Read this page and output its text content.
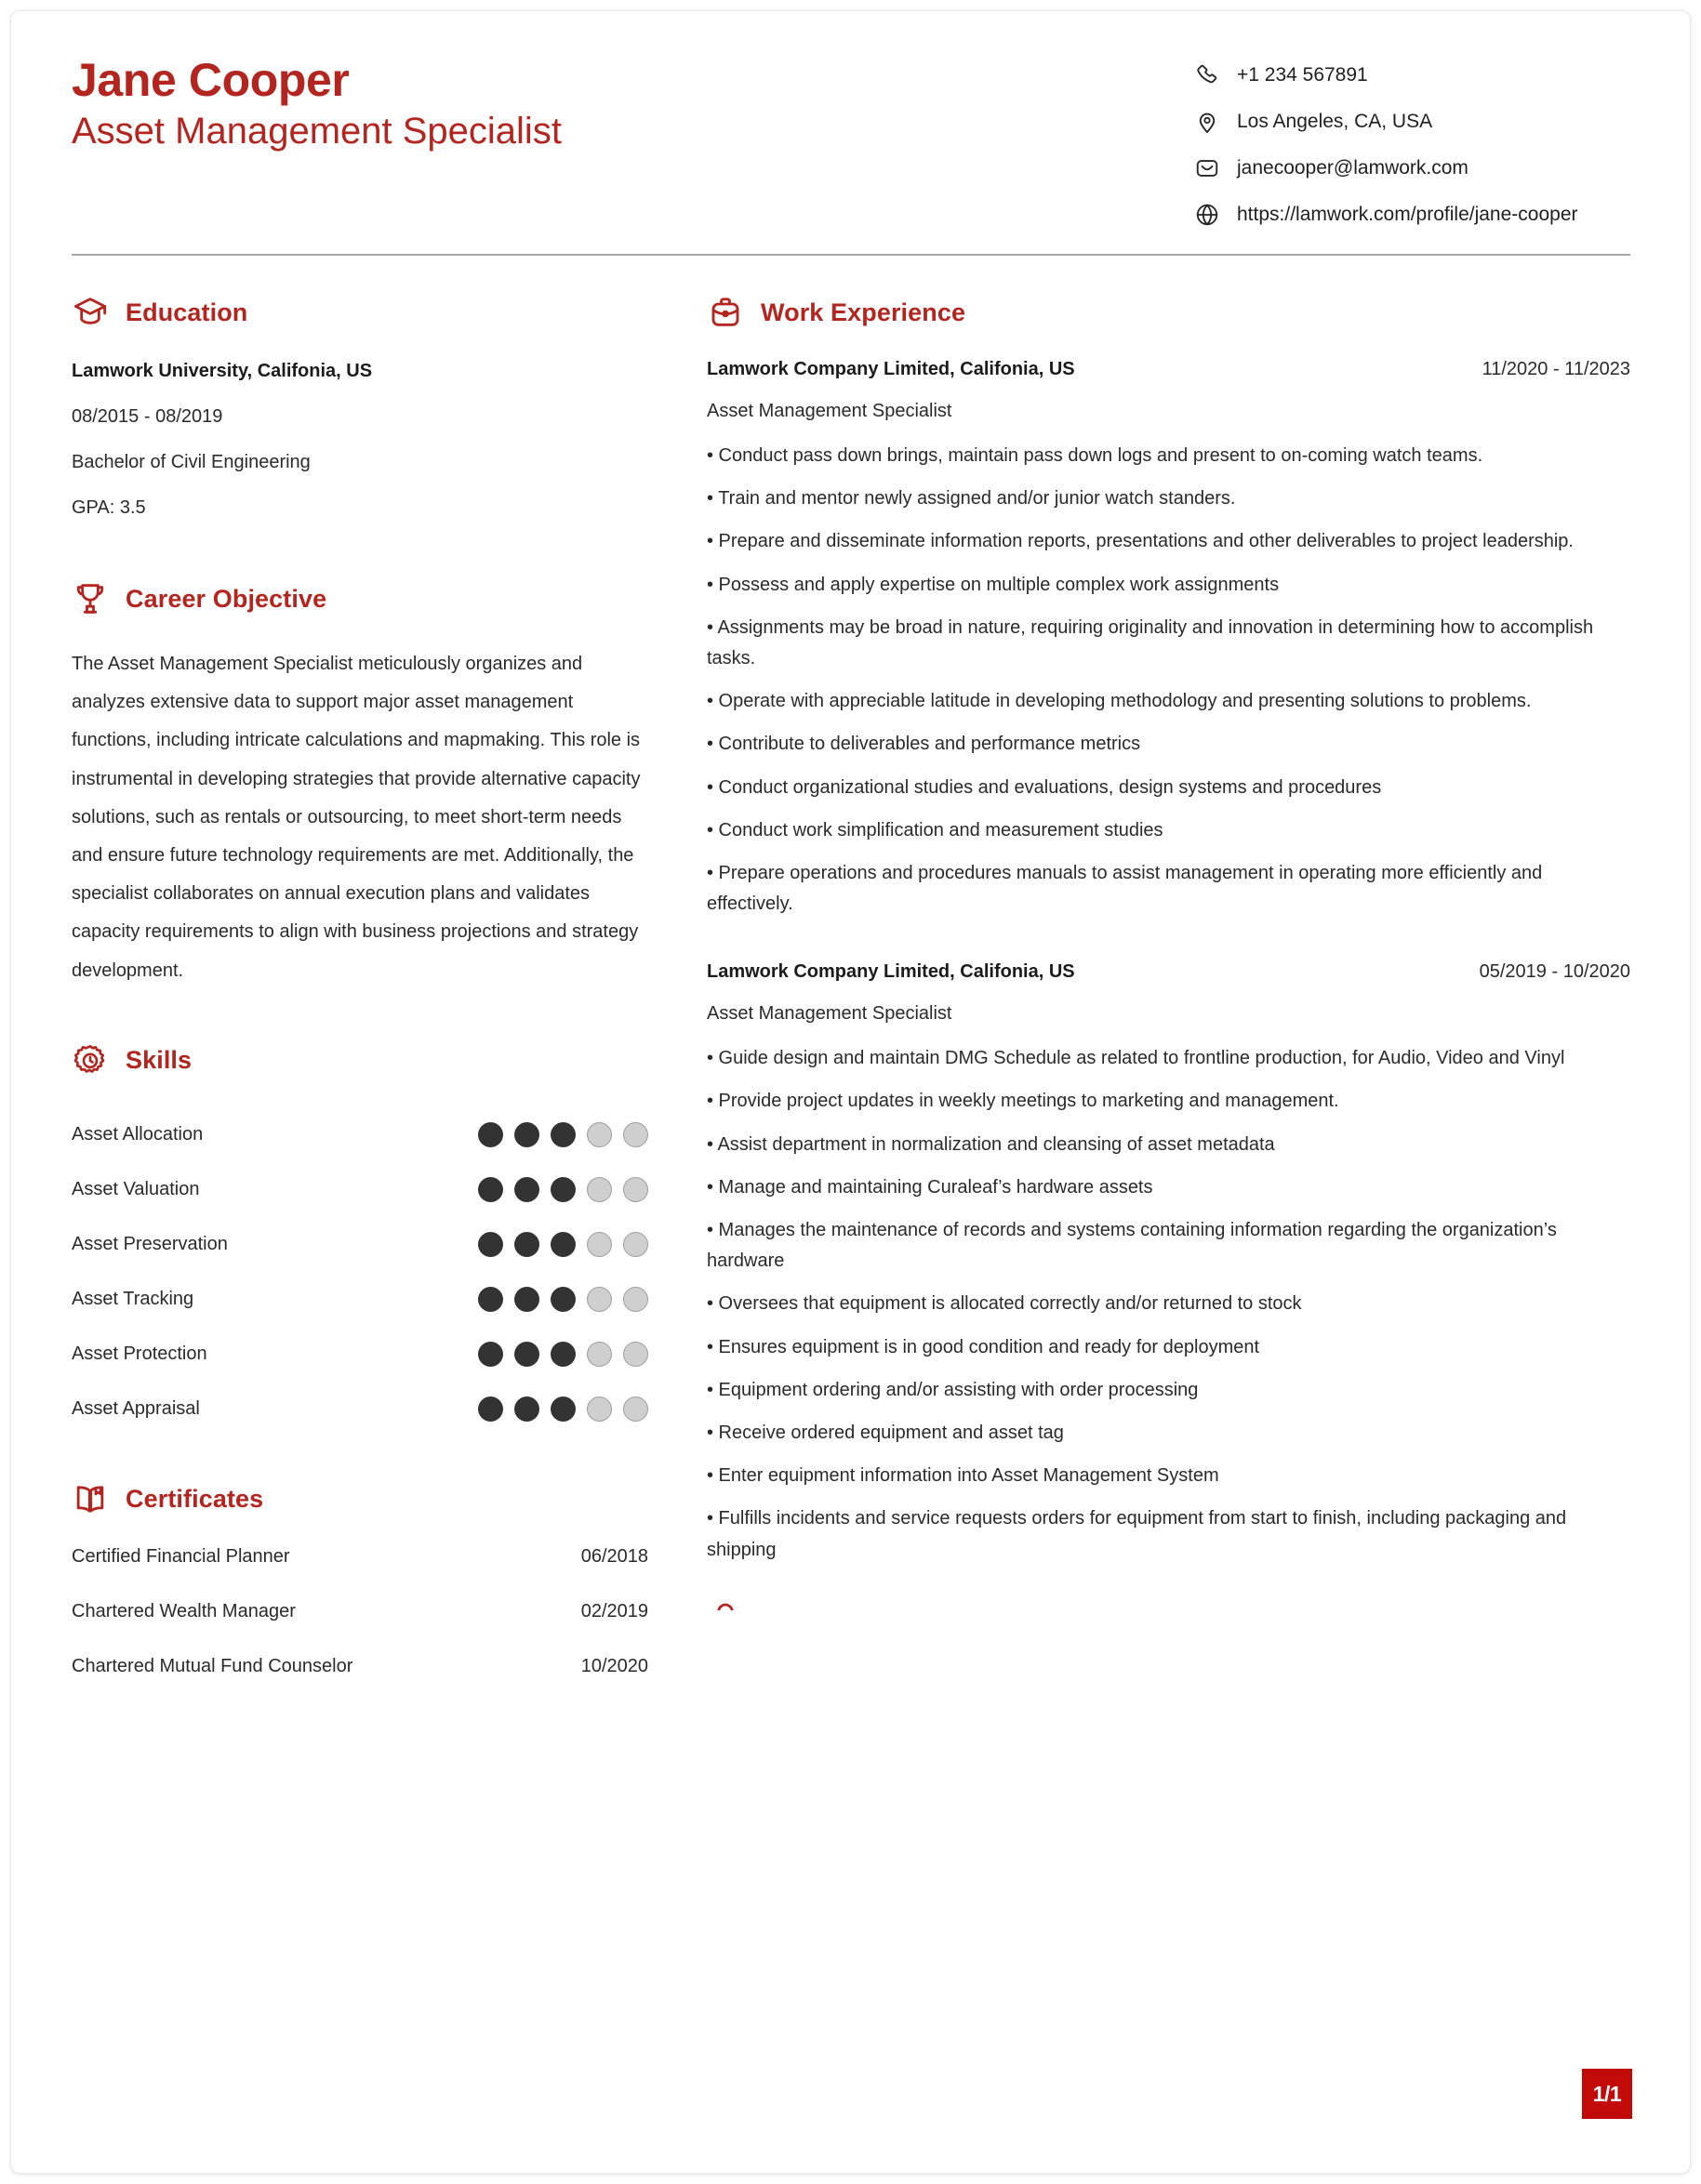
Jane Cooper
Asset Management Specialist
+1 234 567891
Los Angeles, CA, USA
janecooper@lamwork.com
https://lamwork.com/profile/jane-cooper
Education
Lamwork University, Califonia, US
08/2015 - 08/2019
Bachelor of Civil Engineering
GPA: 3.5
Career Objective
The Asset Management Specialist meticulously organizes and analyzes extensive data to support major asset management functions, including intricate calculations and mapmaking. This role is instrumental in developing strategies that provide alternative capacity solutions, such as rentals or outsourcing, to meet short-term needs and ensure future technology requirements are met. Additionally, the specialist collaborates on annual execution plans and validates capacity requirements to align with business projections and strategy development.
Skills
Asset Allocation
Asset Valuation
Asset Preservation
Asset Tracking
Asset Protection
Asset Appraisal
Certificates
Certified Financial Planner	06/2018
Chartered Wealth Manager	02/2019
Chartered Mutual Fund Counselor	10/2020
Work Experience
Lamwork Company Limited, Califonia, US	11/2020 - 11/2023
Asset Management Specialist
• Conduct pass down brings, maintain pass down logs and present to on-coming watch teams.
• Train and mentor newly assigned and/or junior watch standers.
• Prepare and disseminate information reports, presentations and other deliverables to project leadership.
• Possess and apply expertise on multiple complex work assignments
• Assignments may be broad in nature, requiring originality and innovation in determining how to accomplish tasks.
• Operate with appreciable latitude in developing methodology and presenting solutions to problems.
• Contribute to deliverables and performance metrics
• Conduct organizational studies and evaluations, design systems and procedures
• Conduct work simplification and measurement studies
• Prepare operations and procedures manuals to assist management in operating more efficiently and effectively.
Lamwork Company Limited, Califonia, US	05/2019 - 10/2020
Asset Management Specialist
• Guide design and maintain DMG Schedule as related to frontline production, for Audio, Video and Vinyl
• Provide project updates in weekly meetings to marketing and management.
• Assist department in normalization and cleansing of asset metadata
• Manage and maintaining Curaleaf’s hardware assets
• Manages the maintenance of records and systems containing information regarding the organization’s hardware
• Oversees that equipment is allocated correctly and/or returned to stock
• Ensures equipment is in good condition and ready for deployment
• Equipment ordering and/or assisting with order processing
• Receive ordered equipment and asset tag
• Enter equipment information into Asset Management System
• Fulfills incidents and service requests orders for equipment from start to finish, including packaging and shipping
1/1
